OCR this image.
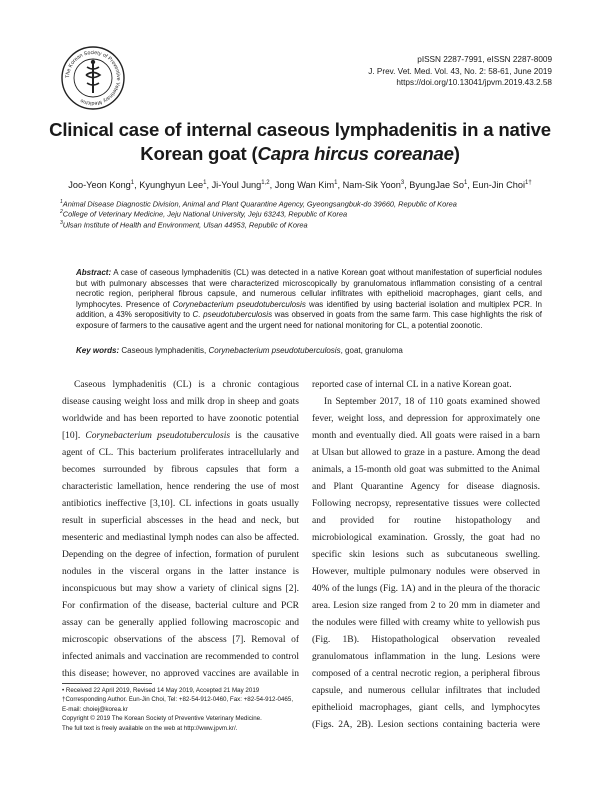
The Korean Society of Preventive Veterinary Medicine
pISSN 2287-7991, eISSN 2287-8009
J. Prev. Vet. Med. Vol. 43, No. 2: 58-61, June 2019
https://doi.org/10.13041/jpvm.2019.43.2.58
Clinical case of internal caseous lymphadenitis in a native
Korean goat (Capra hircus coreanae)
Joo-Yeon Kong$^1$, Kyunghyun Lee$^1$, Ji-Youl Jung$^{1,2}$, Jong Wan Kim$^1$, Nam-Sik Yoon$^3$, ByungJae So$^1$, Eun-Jin Choi$^{1\dagger}$
$^1$Animal Disease Diagnostic Division, Animal and Plant Quarantine Agency, Gyeongsangbuk-do 39660, Republic of Korea
$^2$College of Veterinary Medicine, Jeju National University, Jeju 63243, Republic of Korea
$^3$Ulsan Institute of Health and Environment, Ulsan 44953, Republic of Korea
Abstract: A case of caseous lymphadenitis (CL) was detected in a native Korean goat without manifestation of superficial nodules but with pulmonary abscesses that were characterized microscopically by granulomatous inflammation consisting of a central necrotic region, peripheral fibrous capsule, and numerous cellular infiltrates with epithelioid macrophages, giant cells, and lymphocytes. Presence of Corynebacterium pseudotuberculosis was identified by using bacterial isolation and multiplex PCR. In addition, a 43% seropositivity to C. pseudotuberculosis was observed in goats from the same farm. This case highlights the risk of exposure of farmers to the causative agent and the urgent need for national monitoring for CL, a potential zoonotic.
Key words: Caseous lymphadenitis, Corynebacterium pseudotuberculosis, goat, granuloma

Caseous lymphadenitis (CL) is a chronic contagious disease causing weight loss and milk drop in sheep and goats worldwide and has been reported to have zoonotic potential [10]. Corynebacterium pseudotuberculosis is the causative agent of CL. This bacterium proliferates intracellularly and becomes surrounded by fibrous capsules that form a characteristic lamellation, hence rendering the use of most antibiotics ineffective [3,10]. CL infections in goats usually result in superficial abscesses in the head and neck, but mesenteric and mediastinal lymph nodes can also be affected. Depending on the degree of infection, formation of purulent nodules in the visceral organs in the latter instance is inconspicuous but may show a variety of clinical signs [2]. For confirmation of the disease, bacterial culture and PCR assay can be generally applied following macroscopic and microscopic observations of the abscess [7]. Removal of infected animals and vaccination are recommended to control this disease; however, no approved vaccines are available in

reported case of internal CL in a native Korean goat.

In September 2017, 18 of 110 goats examined showed fever, weight loss, and depression for approximately one month and eventually died. All goats were raised in a barn at Ulsan but allowed to graze in a pasture. Among the dead animals, a 15-month old goat was submitted to the Animal and Plant Quarantine Agency for disease diagnosis. Following necropsy, representative tissues were collected and provided for routine histopathology and microbiological examination. Grossly, the goat had no specific skin lesions such as subcutaneous swelling. However, multiple pulmonary nodules were observed in 40% of the lungs (Fig. 1A) and in the pleura of the thoracic area. Lesion size ranged from 2 to 20 mm in diameter and the nodules were filled with creamy white to yellowish pus (Fig. 1B). Histopathological observation revealed granulomatous inflammation in the lung. Lesions were composed of a central necrotic region, a peripheral fibrous capsule, and numerous cellular infiltrates that included epithelioid macrophages, giant cells, and lymphocytes (Figs. 2A, 2B). Lesion sections containing bacteria were

• Received 22 April 2019, Revised 14 May 2019, Accepted 21 May 2019
†Corresponding Author. Eun-Jin Choi, Tel: +82-54-912-0460, Fax: +82-54-912-0465,
E-mail: choiej@korea.kr
Copyright © 2019 The Korean Society of Preventive Veterinary Medicine.
The full text is freely available on the web at http://www.jpvm.kr/.
